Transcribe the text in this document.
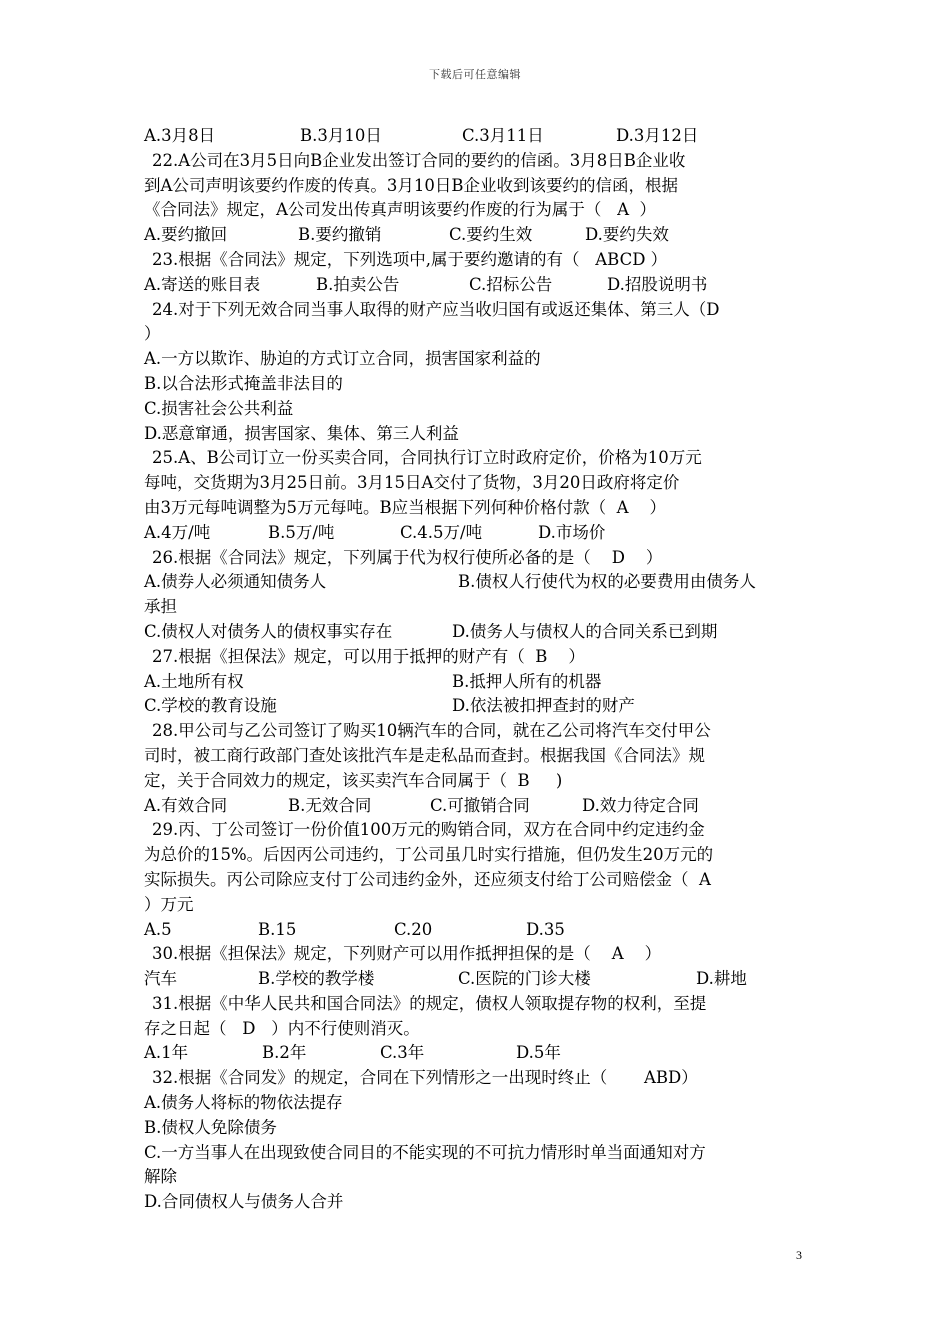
下载后可任意编辑
A.3月8日	B.3月10日	C.3月11日	D.3月12日
22.A公司在3月5日向B企业发出签订合同的要约的信函。3月8日B企业收
到A公司声明该要约作废的传真。3月10日B企业收到该要约的信函，根据
《合同法》规定，A公司发出传真声明该要约作废的行为属于（   A  ）
A.要约撤回	B.要约撤销	C.要约生效	D.要约失效
23.根据《合同法》规定，下列选项中,属于要约邀请的有（   ABCD ）
A.寄送的账目表	B.拍卖公告	C.招标公告	D.招股说明书
24.对于下列无效合同当事人取得的财产应当收归国有或返还集体、第三人（D
）
A.一方以欺诈、胁迫的方式订立合同，损害国家利益的
B.以合法形式掩盖非法目的
C.损害社会公共利益
D.恶意窜通，损害国家、集体、第三人利益
25.A、B公司订立一份买卖合同，合同执行订立时政府定价，价格为10万元
每吨，交货期为3月25日前。3月15日A交付了货物，3月20日政府将定价
由3万元每吨调整为5万元每吨。B应当根据下列何种价格付款（  A    ）
A.4万/吨	B.5万/吨	C.4.5万/吨	D.市场价
26.根据《合同法》规定，下列属于代为权行使所必备的是（    D    ）
A.债券人必须通知债务人	B.债权人行使代为权的必要费用由债务人
承担
C.债权人对债务人的债权事实存在	D.债务人与债权人的合同关系已到期
27.根据《担保法》规定，可以用于抵押的财产有（  B    ）
A.土地所有权	B.抵押人所有的机器
C.学校的教育设施	D.依法被扣押查封的财产
28.甲公司与乙公司签订了购买10辆汽车的合同，就在乙公司将汽车交付甲公
司时，被工商行政部门查处该批汽车是走私品而查封。根据我国《合同法》规
定，关于合同效力的规定，该买卖汽车合同属于（  B     )
A.有效合同	B.无效合同	C.可撤销合同	D.效力待定合同
29.丙、丁公司签订一份价值100万元的购销合同，双方在合同中约定违约金
为总价的15%。后因丙公司违约，丁公司虽几时实行措施，但仍发生20万元的
实际损失。丙公司除应支付丁公司违约金外，还应须支付给丁公司赔偿金（  A
）万元
A.5	B.15	C.20	D.35
30.根据《担保法》规定，下列财产可以用作抵押担保的是（    A    ）
汽车	B.学校的教学楼	C.医院的门诊大楼	D.耕地
31.根据《中华人民共和国合同法》的规定，债权人领取提存物的权利，至提
存之日起（   D   ）内不行使则消灭。
A.1年	B.2年	C.3年	D.5年
32.根据《合同发》的规定，合同在下列情形之一出现时终止（       ABD）
A.债务人将标的物依法提存
B.债权人免除债务
C.一方当事人在出现致使合同目的不能实现的不可抗力情形时单当面通知对方
解除
D.合同债权人与债务人合并
3
